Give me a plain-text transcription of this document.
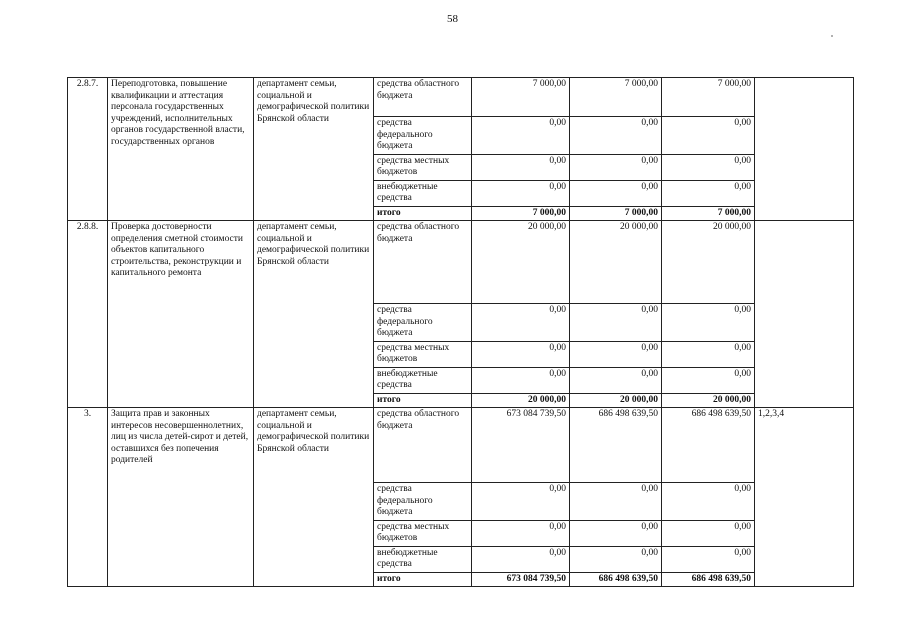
58
2.8.7.	Переподготовка, повышение квалификации и аттестация персонала государственных учреждений, исполнительных органов государственной власти, государственных органов	департамент семьи, социальной и демографической политики Брянской области	средства областного бюджета	7 000,00	7 000,00	7 000,00	
			средства федерального бюджета	0,00	0,00	0,00	
			средства местных бюджетов	0,00	0,00	0,00	
			внебюджетные средства	0,00	0,00	0,00	
			итого	7 000,00	7 000,00	7 000,00	
2.8.8.	Проверка достоверности определения сметной стоимости объектов капитального строительства, реконструкции и капитального ремонта	департамент семьи, социальной и демографической политики Брянской области	средства областного бюджета	20 000,00	20 000,00	20 000,00	
			средства федерального бюджета	0,00	0,00	0,00	
			средства местных бюджетов	0,00	0,00	0,00	
			внебюджетные средства	0,00	0,00	0,00	
			итого	20 000,00	20 000,00	20 000,00	
3.	Защита прав и законных интересов несовершеннолетних, лиц из числа детей-сирот и детей, оставшихся без попечения родителей	департамент семьи, социальной и демографической политики Брянской области	средства областного бюджета	673 084 739,50	686 498 639,50	686 498 639,50	1,2,3,4
			средства федерального бюджета	0,00	0,00	0,00	
			средства местных бюджетов	0,00	0,00	0,00	
			внебюджетные средства	0,00	0,00	0,00	
			итого	673 084 739,50	686 498 639,50	686 498 639,50	
